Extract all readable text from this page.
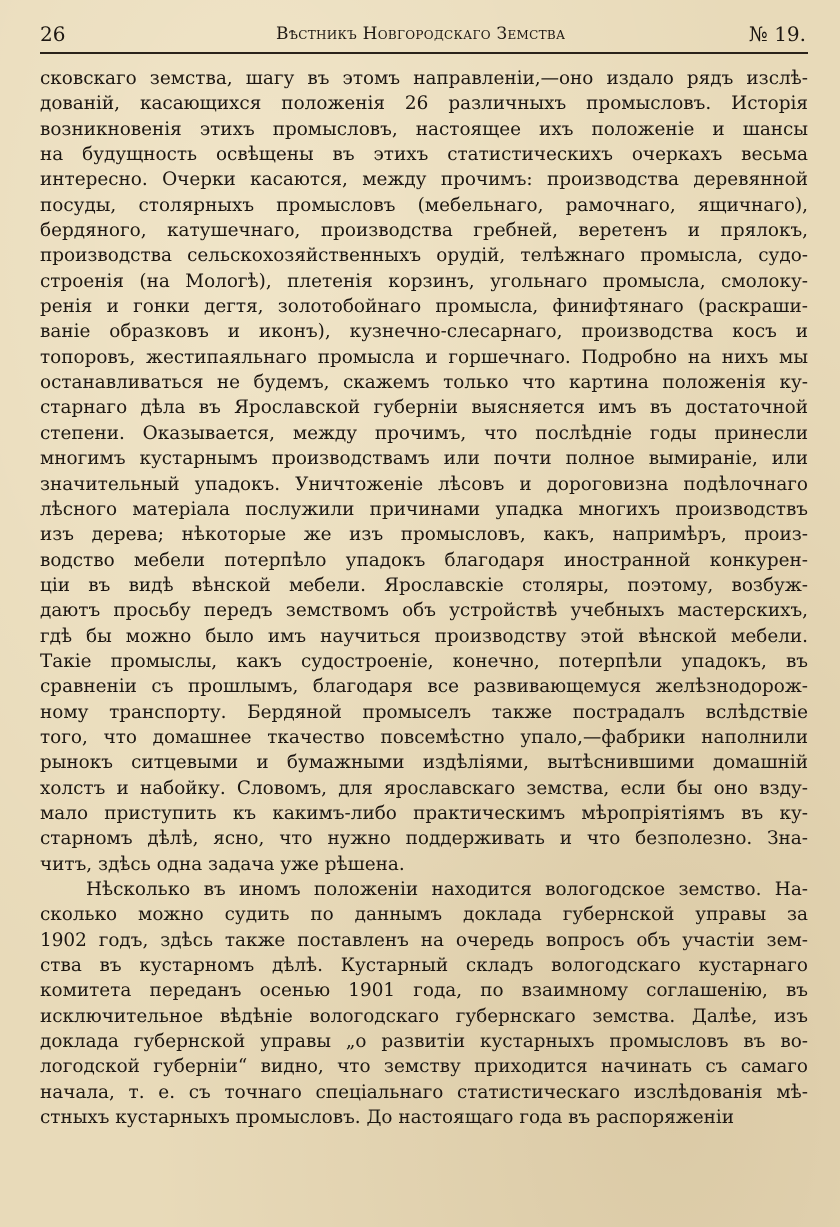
26	Вѣстникъ Новгородскаго Земства	№ 19.
сковскаго земства, шагу въ этомъ направленіи,—оно издало рядъ изслѣ-
дованій, касающихся положенія 26 различныхъ промысловъ. Исторія
возникновенія этихъ промысловъ, настоящее ихъ положеніе и шансы
на будущность освѣщены въ этихъ статистическихъ очеркахъ весьма
интересно. Очерки касаются, между прочимъ: производства деревянной
посуды, столярныхъ промысловъ (мебельнаго, рамочнаго, ящичнаго),
бердяного, катушечнаго, производства гребней, веретенъ и прялокъ,
производства сельскохозяйственныхъ орудій, телѣжнаго промысла, судо-
строенія (на Мологѣ), плетенія корзинъ, угольнаго промысла, смолоку-
ренія и гонки дегтя, золотобойнаго промысла, финифтянаго (раскраши-
ваніе образковъ и иконъ), кузнечно-слесарнаго, производства косъ и
топоровъ, жестипаяльнаго промысла и горшечнаго. Подробно на нихъ мы
останавливаться не будемъ, скажемъ только что картина положенія ку-
старнаго дѣла въ Ярославской губерніи выясняется имъ въ достаточной
степени. Оказывается, между прочимъ, что послѣдніе годы принесли
многимъ кустарнымъ производствамъ или почти полное вымираніе, или
значительный упадокъ. Уничтоженіе лѣсовъ и дороговизна подѣлочнаго
лѣсного матеріала послужили причинами упадка многихъ производствъ
изъ дерева; нѣкоторые же изъ промысловъ, какъ, напримѣръ, произ-
водство мебели потерпѣло упадокъ благодаря иностранной конкурен-
ціи въ видѣ вѣнской мебели. Ярославскіе столяры, поэтому, возбуж-
даютъ просьбу передъ земствомъ объ устройствѣ учебныхъ мастерскихъ,
гдѣ бы можно было имъ научиться производству этой вѣнской мебели.
Такіе промыслы, какъ судостроеніе, конечно, потерпѣли упадокъ, въ
сравненіи съ прошлымъ, благодаря все развивающемуся желѣзнодорож-
ному транспорту. Бердяной промыселъ также пострадалъ вслѣдствіе
того, что домашнее ткачество повсемѣстно упало,—фабрики наполнили
рынокъ ситцевыми и бумажными издѣліями, вытѣснившими домашній
холстъ и набойку. Словомъ, для ярославскаго земства, если бы оно взду-
мало приступить къ какимъ-либо практическимъ мѣропріятіямъ въ ку-
старномъ дѣлѣ, ясно, что нужно поддерживать и что безполезно. Зна-
читъ, здѣсь одна задача уже рѣшена.
Нѣсколько въ иномъ положеніи находится вологодское земство. На-
сколько можно судить по даннымъ доклада губернской управы за
1902 годъ, здѣсь также поставленъ на очередь вопросъ объ участіи зем-
ства въ кустарномъ дѣлѣ. Кустарный складъ вологодскаго кустарнаго
комитета переданъ осенью 1901 года, по взаимному соглашенію, въ
исключительное вѣдѣніе вологодскаго губернскаго земства. Далѣе, изъ
доклада губернской управы „о развитіи кустарныхъ промысловъ въ во-
логодской губерніи“ видно, что земству приходится начинать съ самаго
начала, т. е. съ точнаго спеціальнаго статистическаго изслѣдованія мѣ-
стныхъ кустарныхъ промысловъ. До настоящаго года въ распоряженіи
